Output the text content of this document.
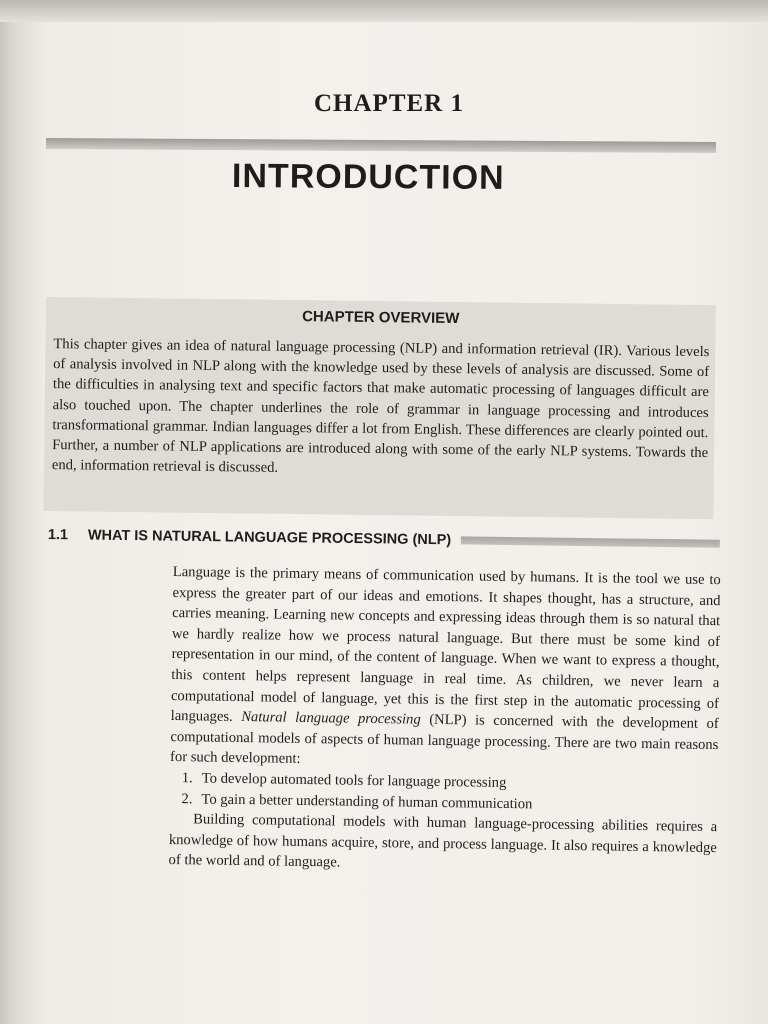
CHAPTER 1
INTRODUCTION
CHAPTER OVERVIEW
This chapter gives an idea of natural language processing (NLP) and information retrieval (IR). Various levels of analysis involved in NLP along with the knowledge used by these levels of analysis are discussed. Some of the difficulties in analysing text and specific factors that make automatic processing of languages difficult are also touched upon. The chapter underlines the role of grammar in language processing and introduces transformational grammar. Indian languages differ a lot from English. These differences are clearly pointed out. Further, a number of NLP applications are introduced along with some of the early NLP systems. Towards the end, information retrieval is discussed.
1.1	WHAT IS NATURAL LANGUAGE PROCESSING (NLP)

Language is the primary means of communication used by humans. It is the tool we use to express the greater part of our ideas and emotions. It shapes thought, has a structure, and carries meaning. Learning new concepts and expressing ideas through them is so natural that we hardly realize how we process natural language. But there must be some kind of representation in our mind, of the content of language. When we want to express a thought, this content helps represent language in real time. As children, we never learn a computational model of language, yet this is the first step in the automatic processing of languages. Natural language processing (NLP) is concerned with the development of computational models of aspects of human language processing. There are two main reasons for such development:

1. To develop automated tools for language processing

2. To gain a better understanding of human communication

Building computational models with human language-processing abilities requires a knowledge of how humans acquire, store, and process language. It also requires a knowledge of the world and of language.
